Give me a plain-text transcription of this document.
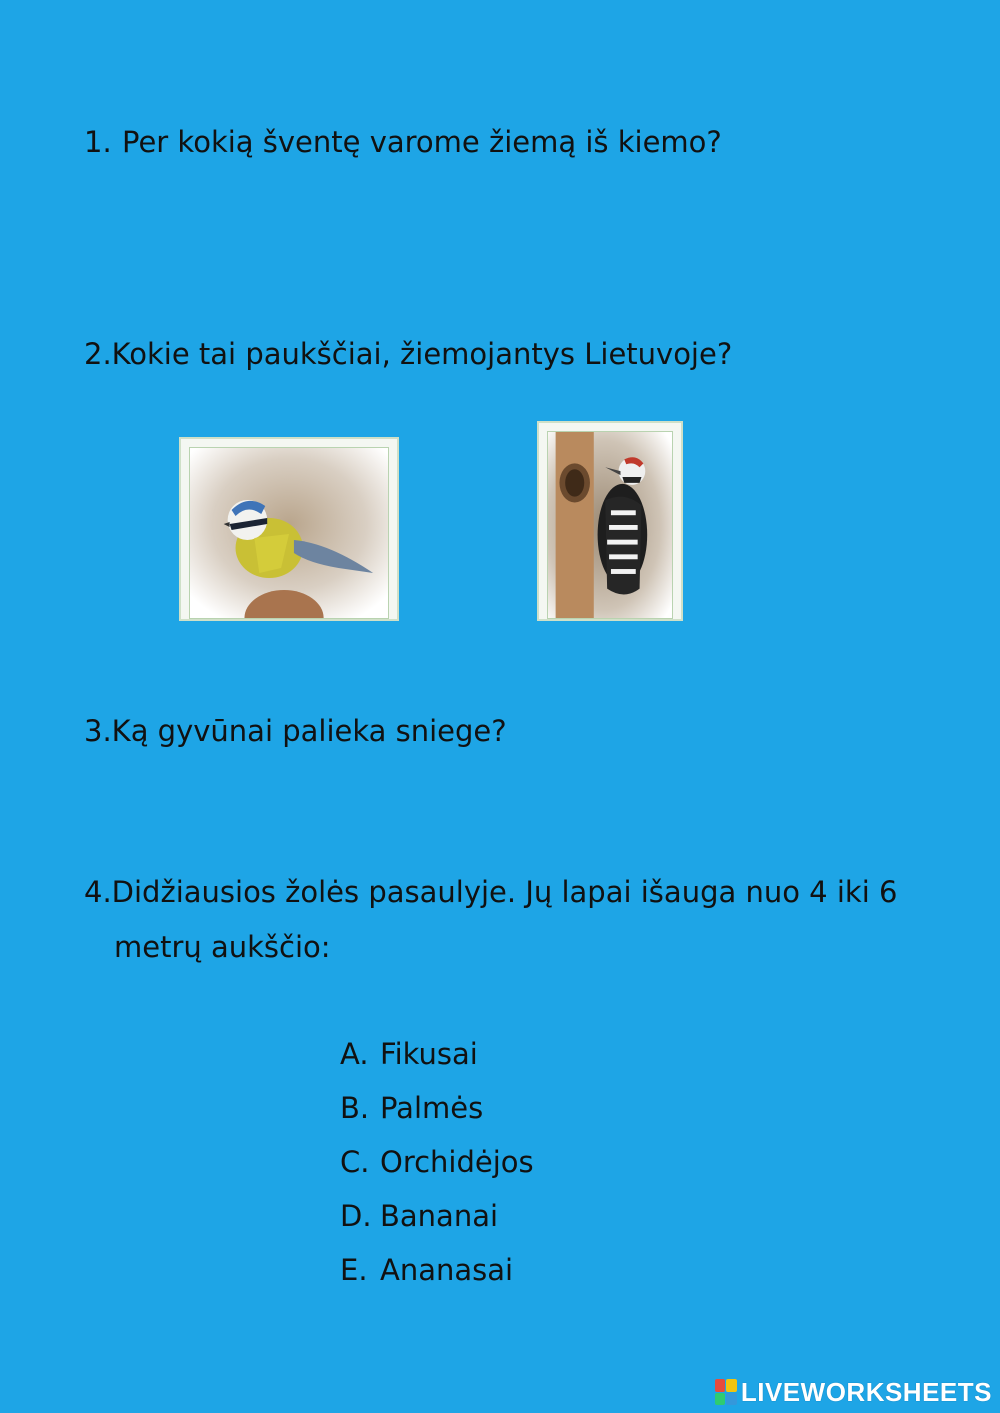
1. Per kokią šventę varome žiemą iš kiemo?
2.Kokie tai paukščiai, žiemojantys Lietuvoje?
3.Ką gyvūnai palieka sniege?
4.Didžiausios žolės pasaulyje. Jų lapai išauga nuo 4 iki 6
metrų aukščio:
A. Fikusai
B. Palmės
C. Orchidėjos
D. Bananai
E. Ananasai
LIVEWORKSHEETS
